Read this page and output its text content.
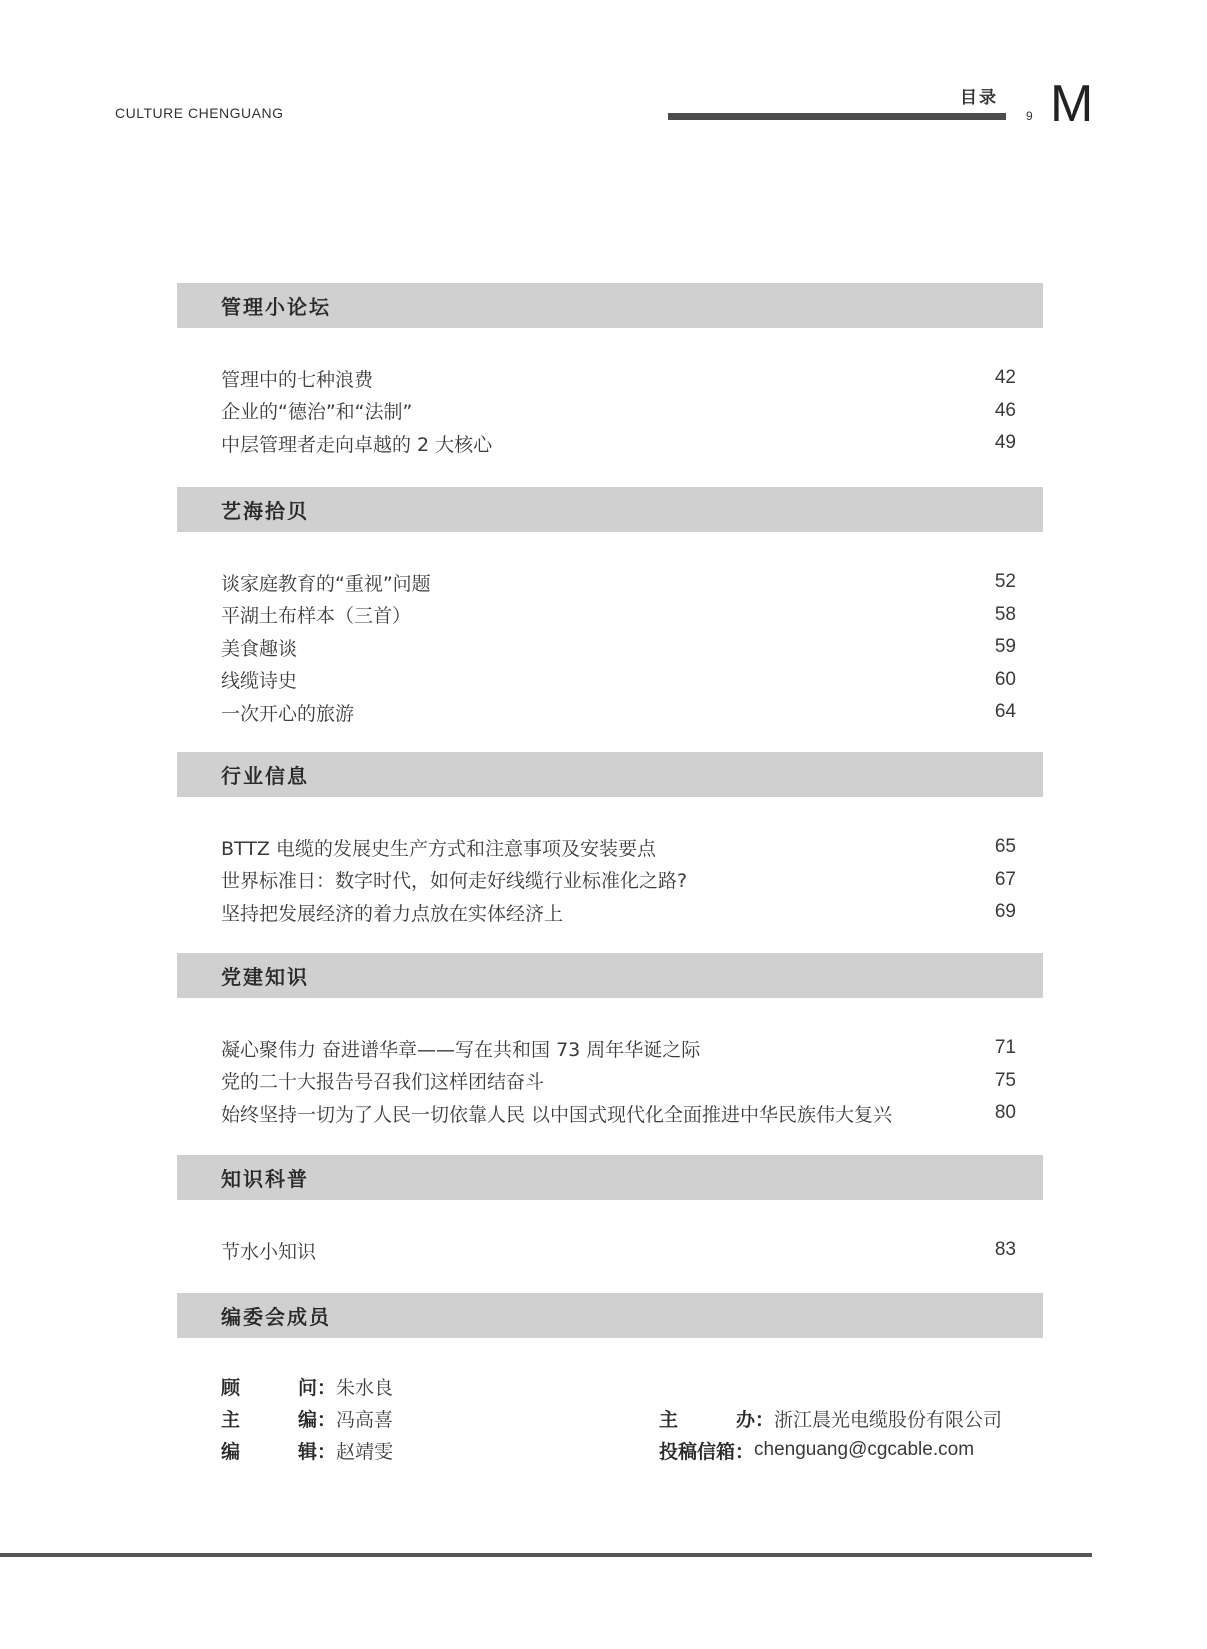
CULTURE CHENGUANG
目录
9 M
管理小论坛
管理中的七种浪费	42
企业的“德治”和“法制”	46
中层管理者走向卓越的 2 大核心	49
艺海拾贝
谈家庭教育的“重视”问题	52
平湖土布样本（三首）	58
美食趣谈	59
线缆诗史	60
一次开心的旅游	64
行业信息
BTTZ 电缆的发展史生产方式和注意事项及安装要点	65
世界标准日：数字时代，如何走好线缆行业标准化之路?	67
坚持把发展经济的着力点放在实体经济上	69
党建知识
凝心聚伟力 奋进谱华章——写在共和国 73 周年华诞之际	71
党的二十大报告号召我们这样团结奋斗	75
始终坚持一切为了人民一切依靠人民 以中国式现代化全面推进中华民族伟大复兴	80
知识科普
节水小知识	83
编委会成员
顾	问 ： 朱水良
主	编 ： 冯高喜
编	辑 ： 赵靖雯
主	办 ： 浙江晨光电缆股份有限公司
投稿信箱 ： chenguang@cgcable.com
